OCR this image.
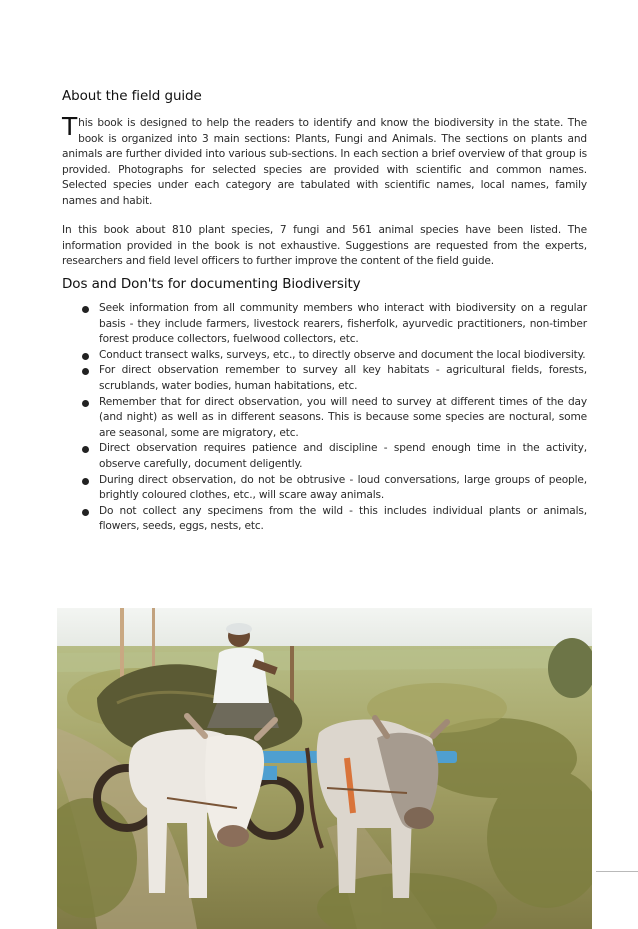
About the field guide

This book is designed to help the readers to identify and know the biodiversity in the state. The book is organized into 3 main sections: Plants, Fungi and Animals. The sections on plants and animals are further divided into various sub-sections. In each section a brief overview of that group is provided. Photographs for selected species are provided with scientific and common names. Selected species under each category are tabulated with scientific names, local names, family names and habit.

In this book about 810 plant species, 7 fungi and 561 animal species have been listed. The information provided in the book is not exhaustive. Suggestions are requested from the experts, researchers and field level officers to further improve the content of the field guide.

Dos and Don'ts for documenting Biodiversity
Seek information from all community members who interact with biodiversity on a regular basis - they include farmers, livestock rearers, fisherfolk, ayurvedic practitioners, non-timber forest produce collectors, fuelwood collectors, etc.
Conduct transect walks, surveys, etc., to directly observe and document the local biodiversity.
For direct observation remember to survey all key habitats - agricultural fields, forests, scrublands, water bodies, human habitations, etc.
Remember that for direct observation, you will need to survey at different times of the day (and night) as well as in different seasons. This is because some species are noctural, some are seasonal, some are migratory, etc.
Direct observation requires patience and discipline - spend enough time in the activity, observe carefully, document deligently.
During direct observation, do not be obtrusive - loud conversations, large groups of people, brightly coloured clothes, etc., will scare away animals.
Do not collect any specimens from the wild - this includes individual plants or animals, flowers, seeds, eggs, nests, etc.
